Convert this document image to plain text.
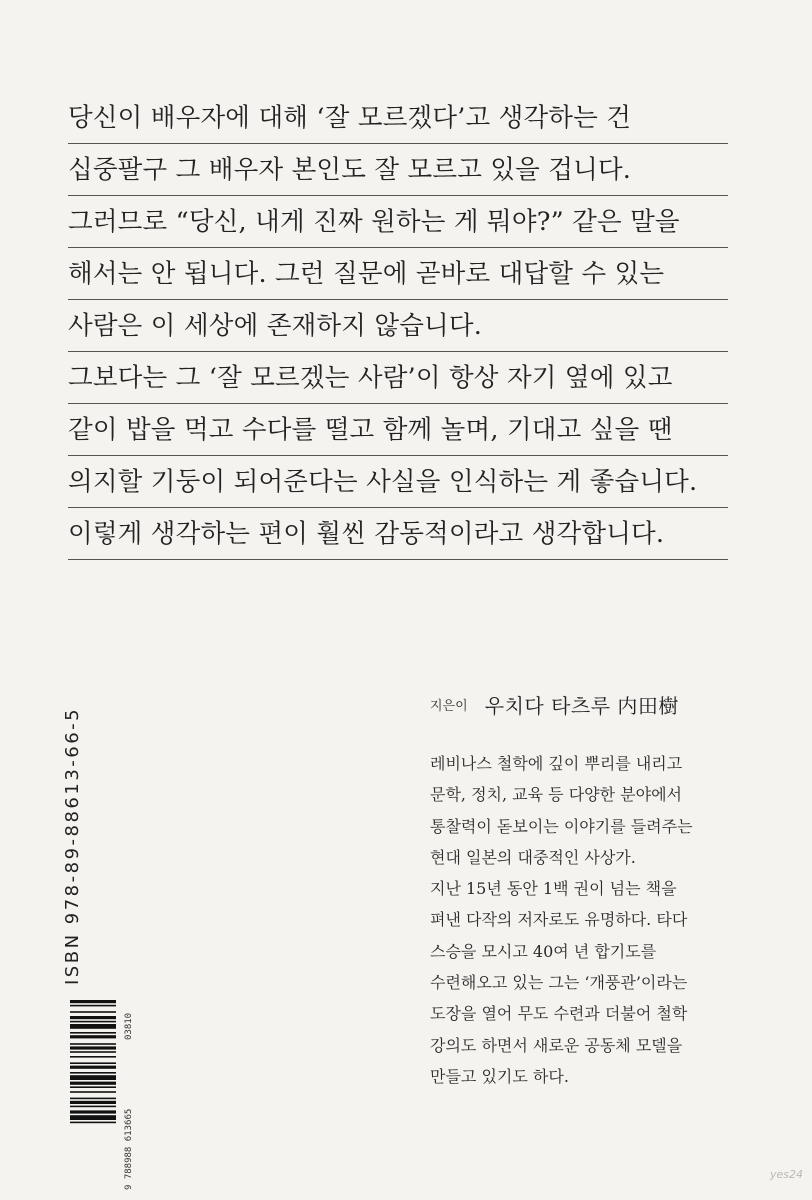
당신이 배우자에 대해 ‘잘 모르겠다’고 생각하는 건
십중팔구 그 배우자 본인도 잘 모르고 있을 겁니다.
그러므로 “당신, 내게 진짜 원하는 게 뭐야?” 같은 말을
해서는 안 됩니다. 그런 질문에 곧바로 대답할 수 있는
사람은 이 세상에 존재하지 않습니다.
그보다는 그 ‘잘 모르겠는 사람’이 항상 자기 옆에 있고
같이 밥을 먹고 수다를 떨고 함께 놀며, 기대고 싶을 땐
의지할 기둥이 되어준다는 사실을 인식하는 게 좋습니다.
이렇게 생각하는 편이 훨씬 감동적이라고 생각합니다.
ISBN 978-89-88613-66-5
03810
9 788988 613665
지은이 우치다 타츠루 内田樹
레비나스 철학에 깊이 뿌리를 내리고
문학, 정치, 교육 등 다양한 분야에서
통찰력이 돋보이는 이야기를 들려주는
현대 일본의 대중적인 사상가.
지난 15년 동안 1백 권이 넘는 책을
펴낸 다작의 저자로도 유명하다. 타다
스승을 모시고 40여 년 합기도를
수련해오고 있는 그는 ‘개풍관’이라는
도장을 열어 무도 수련과 더불어 철학
강의도 하면서 새로운 공동체 모델을
만들고 있기도 하다.
yes24
